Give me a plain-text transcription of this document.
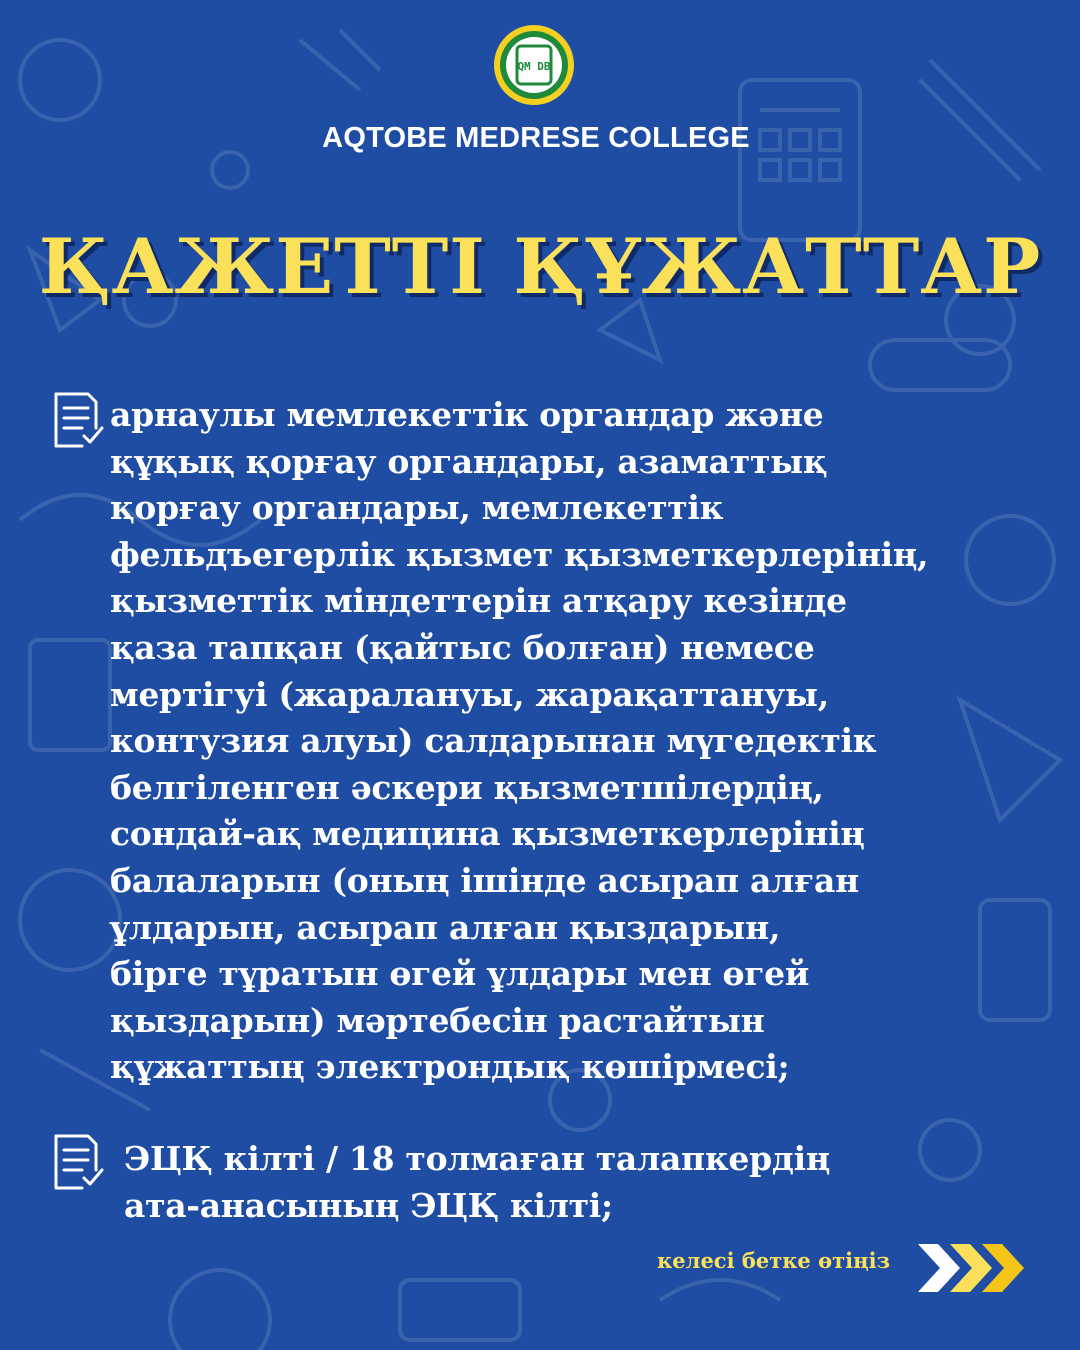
QM DB
AQTOBE MEDRESE COLLEGE
ҚАЖЕТТІ ҚҰЖАТТАР
арнаулы мемлекеттік органдар және
құқық қорғау органдары, азаматтық
қорғау органдары, мемлекеттік
фельдъегерлік қызмет қызметкерлерінің,
қызметтік міндеттерін атқару кезінде
қаза тапқан (қайтыс болған) немесе
мертігуі (жаралануы, жарақаттануы,
контузия алуы) салдарынан мүгедектік
белгіленген әскери қызметшілердің,
сондай-ақ медицина қызметкерлерінің
балаларын (оның ішінде асырап алған
ұлдарын, асырап алған қыздарын,
бірге тұратын өгей ұлдары мен өгей
қыздарын) мәртебесін растайтын
құжаттың электрондық көшірмесі;
ЭЦҚ кілті / 18 толмаған талапкердің
ата-анасының ЭЦҚ кілті;
келесі бетке өтіңіз
